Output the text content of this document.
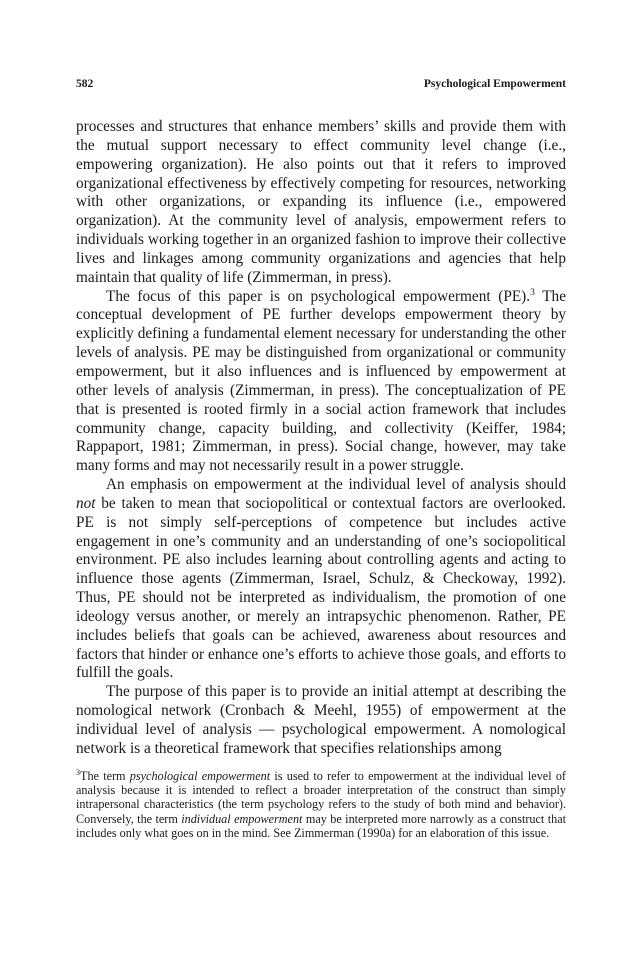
582	Psychological Empowerment

processes and structures that enhance members’ skills and provide them with the mutual support necessary to effect community level change (i.e., empowering organization). He also points out that it refers to improved organizational effectiveness by effectively competing for resources, networking with other organizations, or expanding its influence (i.e., empowered organization). At the community level of analysis, empowerment refers to individuals working together in an organized fashion to improve their collective lives and linkages among community organizations and agencies that help maintain that quality of life (Zimmerman, in press).

The focus of this paper is on psychological empowerment (PE).$^3$ The conceptual development of PE further develops empowerment theory by explicitly defining a fundamental element necessary for understanding the other levels of analysis. PE may be distinguished from organizational or community empowerment, but it also influences and is influenced by empowerment at other levels of analysis (Zimmerman, in press). The conceptualization of PE that is presented is rooted firmly in a social action framework that includes community change, capacity building, and collectivity (Keiffer, 1984; Rappaport, 1981; Zimmerman, in press). Social change, however, may take many forms and may not necessarily result in a power struggle.

An emphasis on empowerment at the individual level of analysis should not be taken to mean that sociopolitical or contextual factors are overlooked. PE is not simply self-perceptions of competence but includes active engagement in one’s community and an understanding of one’s sociopolitical environment. PE also includes learning about controlling agents and acting to influence those agents (Zimmerman, Israel, Schulz, & Checkoway, 1992). Thus, PE should not be interpreted as individualism, the promotion of one ideology versus another, or merely an intrapsychic phenomenon. Rather, PE includes beliefs that goals can be achieved, awareness about resources and factors that hinder or enhance one’s efforts to achieve those goals, and efforts to fulfill the goals.

The purpose of this paper is to provide an initial attempt at describing the nomological network (Cronbach & Meehl, 1955) of empowerment at the individual level of analysis — psychological empowerment. A nomological network is a theoretical framework that specifies relationships among

$^3$The term psychological empowerment is used to refer to empowerment at the individual level of analysis because it is intended to reflect a broader interpretation of the construct than simply intrapersonal characteristics (the term psychology refers to the study of both mind and behavior). Conversely, the term individual empowerment may be interpreted more narrowly as a construct that includes only what goes on in the mind. See Zimmerman (1990a) for an elaboration of this issue.
